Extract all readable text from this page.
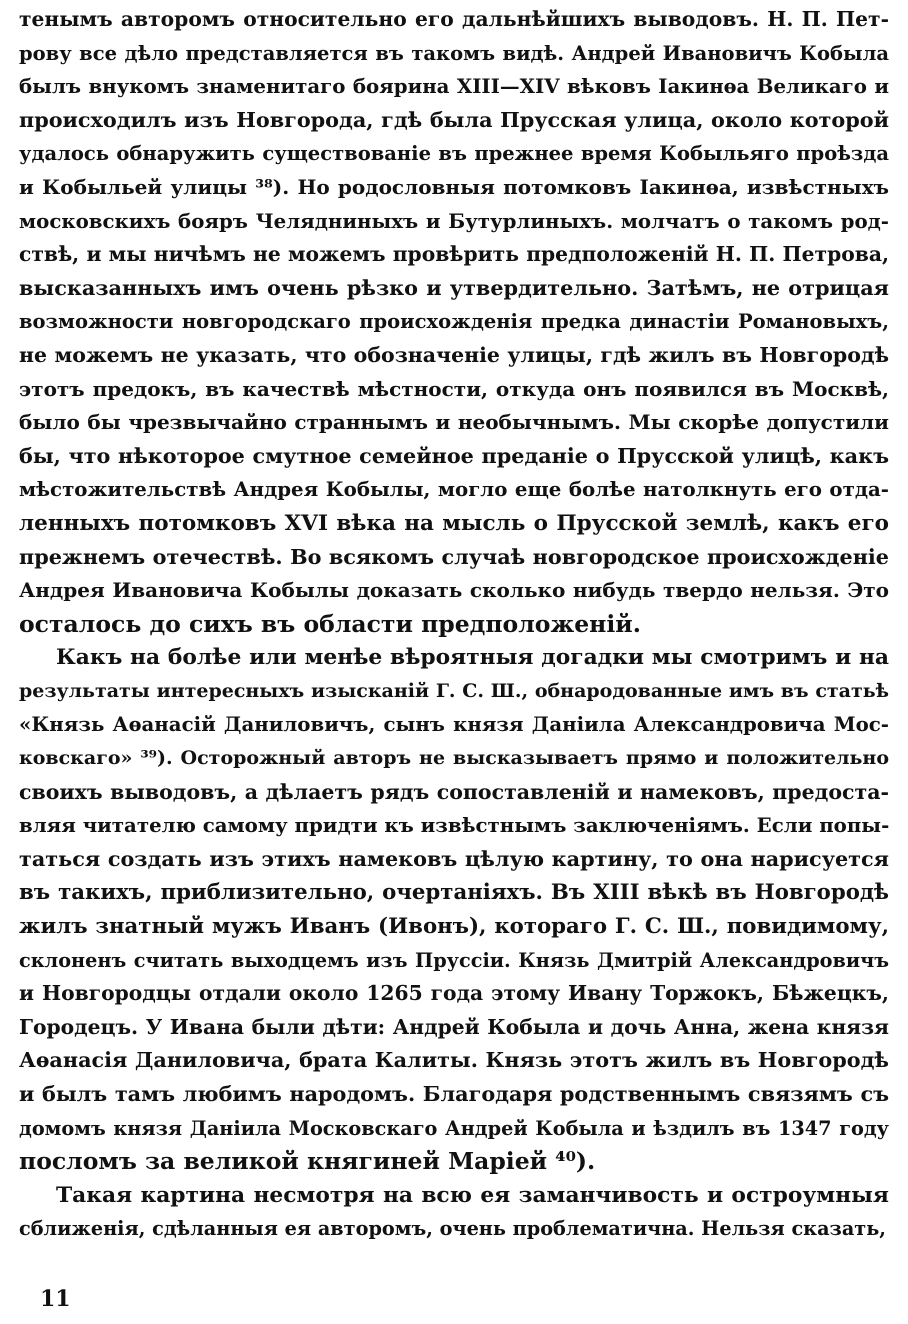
тенымъ авторомъ относительно его дальнѣйшихъ выводовъ. Н. П. Пет-
рову все дѣло представляется въ такомъ видѣ. Андрей Ивановичъ Кобыла
былъ внукомъ знаменитаго боярина XIII—XIV вѣковъ Іакинѳа Великаго и
происходилъ изъ Новгорода, гдѣ была Прусская улица, около которой
удалось обнаружить существованіе въ прежнее время Кобыльяго проѣзда
и Кобыльей улицы ³⁸). Но родословныя потомковъ Іакинѳа, извѣстныхъ
московскихъ бояръ Челядниныхъ и Бутурлиныхъ. молчатъ о такомъ род-
ствѣ, и мы ничѣмъ не можемъ провѣрить предположеній Н. П. Петрова,
высказанныхъ имъ очень рѣзко и утвердительно. Затѣмъ, не отрицая
возможности новгородскаго происхожденія предка династіи Романовыхъ,
не можемъ не указать, что обозначеніе улицы, гдѣ жилъ въ Новгородѣ
этотъ предокъ, въ качествѣ мѣстности, откуда онъ появился въ Москвѣ,
было бы чрезвычайно страннымъ и необычнымъ. Мы скорѣе допустили
бы, что нѣкоторое смутное семейное преданіе о Прусской улицѣ, какъ
мѣстожительствѣ Андрея Кобылы, могло еще болѣе натолкнуть его отда-
ленныхъ потомковъ XVI вѣка на мысль о Прусской землѣ, какъ его
прежнемъ отечествѣ. Во всякомъ случаѣ новгородское происхожденіе
Андрея Ивановича Кобылы доказать сколько нибудь твердо нельзя. Это
осталось до сихъ въ области предположеній.
Какъ на болѣе или менѣе вѣроятныя догадки мы смотримъ и на
результаты интересныхъ изысканій Г. С. Ш., обнародованные имъ въ статьѣ
«Князь Аѳанасій Даниловичъ, сынъ князя Даніила Александровича Мос-
ковскаго» ³⁹). Осторожный авторъ не высказываетъ прямо и положительно
своихъ выводовъ, а дѣлаетъ рядъ сопоставленій и намековъ, предоста-
вляя читателю самому придти къ извѣстнымъ заключеніямъ. Если попы-
таться создать изъ этихъ намековъ цѣлую картину, то она нарисуется
въ такихъ, приблизительно, очертаніяхъ. Въ XIII вѣкѣ въ Новгородѣ
жилъ знатный мужъ Иванъ (Ивонъ), котораго Г. С. Ш., повидимому,
склоненъ считать выходцемъ изъ Пруссіи. Князь Дмитрій Александровичъ
и Новгородцы отдали около 1265 года этому Ивану Торжокъ, Бѣжецкъ,
Городецъ. У Ивана были дѣти: Андрей Кобыла и дочь Анна, жена князя
Аѳанасія Даниловича, брата Калиты. Князь этотъ жилъ въ Новгородѣ
и былъ тамъ любимъ народомъ. Благодаря родственнымъ связямъ съ
домомъ князя Даніила Московскаго Андрей Кобыла и ѣздилъ въ 1347 году
посломъ за великой княгиней Маріей ⁴⁰).
Такая картина несмотря на всю ея заманчивость и остроумныя
сближенія, сдѣланныя ея авторомъ, очень проблематична. Нельзя сказать,
11
